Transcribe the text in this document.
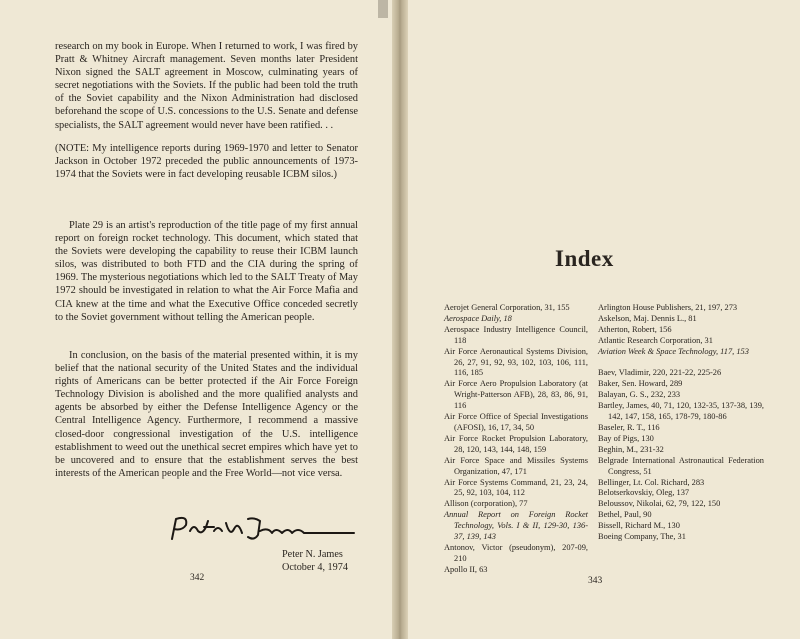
research on my book in Europe. When I returned to work, I was fired by Pratt & Whitney Aircraft management. Seven months later President Nixon signed the SALT agreement in Moscow, culminating years of secret negotiations with the Soviets. If the public had been told the truth of the Soviet capability and the Nixon Administration had disclosed beforehand the scope of U.S. concessions to the U.S. Senate and defense specialists, the SALT agreement would never have been ratified. . .

(NOTE: My intelligence reports during 1969-1970 and letter to Senator Jackson in October 1972 preceded the public announcements of 1973-1974 that the Soviets were in fact developing reusable ICBM silos.)

Plate 29 is an artist's reproduction of the title page of my first annual report on foreign rocket technology. This document, which stated that the Soviets were developing the capability to reuse their ICBM launch silos, was distributed to both FTD and the CIA during the spring of 1969. The mysterious negotiations which led to the SALT Treaty of May 1972 should be investigated in relation to what the Air Force Mafia and CIA knew at the time and what the Executive Office conceded secretly to the Soviet government without telling the American people.

In conclusion, on the basis of the material presented within, it is my belief that the national security of the United States and the individual rights of Americans can be better protected if the Air Force Foreign Technology Division is abolished and the more qualified analysts and agents be absorbed by either the Defense Intelligence Agency or the Central Intelligence Agency. Furthermore, I recommend a massive closed-door congressional investigation of the U.S. intelligence establishment to weed out the unethical secret empires which have yet to be uncovered and to ensure that the establishment serves the best interests of the American people and the Free World—not vice versa.

Peter N. James
October 4, 1974
342
Index
Aerojet General Corporation, 31, 155
Aerospace Daily, 18
Aerospace Industry Intelligence Council, 118
Air Force Aeronautical Systems Division, 26, 27, 91, 92, 93, 102, 103, 106, 111, 116, 185
Air Force Aero Propulsion Laboratory (at Wright-Patterson AFB), 28, 83, 86, 91, 116
Air Force Office of Special Investigations (AFOSI), 16, 17, 34, 50
Air Force Rocket Propulsion Laboratory, 28, 120, 143, 144, 148, 159
Air Force Space and Missiles Systems Organization, 47, 171
Air Force Systems Command, 21, 23, 24, 25, 92, 103, 104, 112
Allison (corporation), 77
Annual Report on Foreign Rocket Technology, Vols. I & II, 129-30, 136-37, 139, 143
Antonov, Victor (pseudonym), 207-09, 210
Apollo II, 63
Arlington House Publishers, 21, 197, 273
Askelson, Maj. Dennis L., 81
Atherton, Robert, 156
Atlantic Research Corporation, 31
Aviation Week & Space Technology, 117, 153

Baev, Vladimir, 220, 221-22, 225-26
Baker, Sen. Howard, 289
Balayan, G. S., 232, 233
Bartley, James, 40, 71, 120, 132-35, 137-38, 139, 142, 147, 158, 165, 178-79, 180-86
Baseler, R. T., 116
Bay of Pigs, 130
Beghin, M., 231-32
Belgrade International Astronautical Federation Congress, 51
Bellinger, Lt. Col. Richard, 283
Belotserkovskiy, Oleg, 137
Beloussov, Nikolai, 62, 79, 122, 150
Bethel, Paul, 90
Bissell, Richard M., 130
Boeing Company, The, 31
343
